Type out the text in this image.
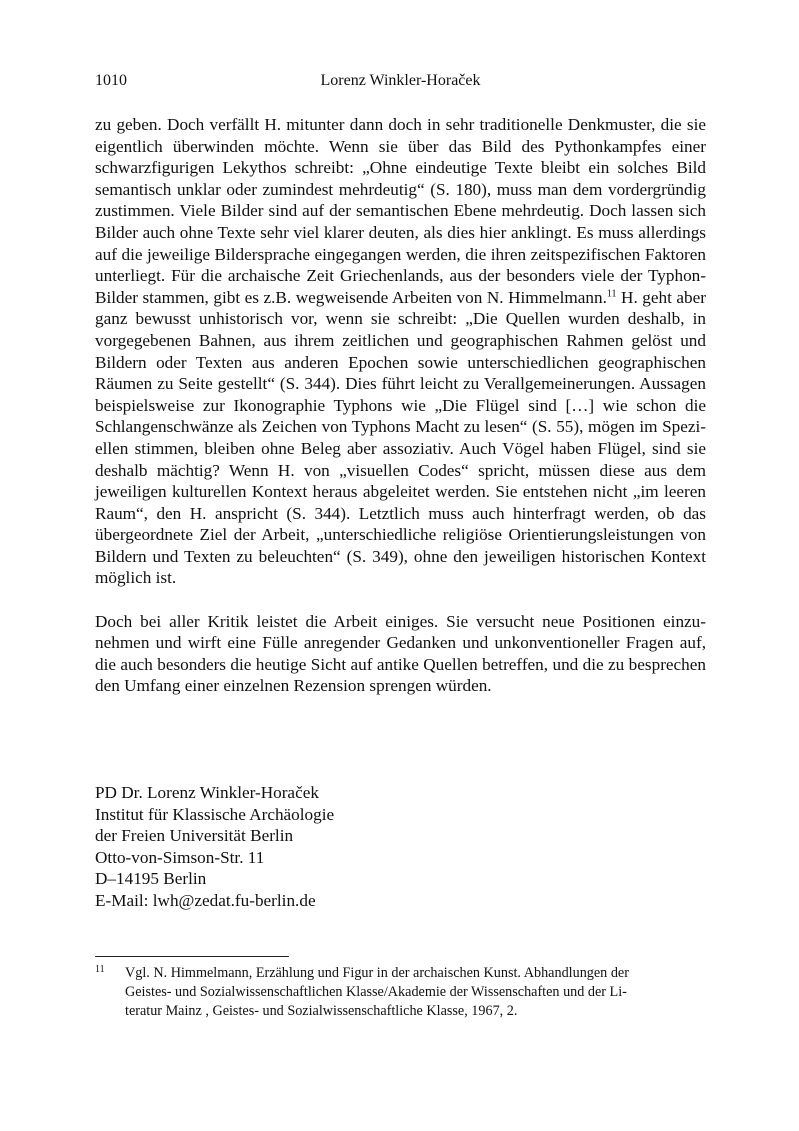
1010	Lorenz Winkler-Horaček

zu geben. Doch verfällt H. mitunter dann doch in sehr traditionelle Denkmuster, die sie eigentlich überwinden möchte. Wenn sie über das Bild des Pythonkampfes einer schwarzfigurigen Lekythos schreibt: „Ohne eindeutige Texte bleibt ein solches Bild semantisch unklar oder zumindest mehrdeutig“ (S. 180), muss man dem vordergründig zustimmen. Viele Bilder sind auf der semantischen Ebene mehrdeutig. Doch lassen sich Bilder auch ohne Texte sehr viel klarer deuten, als dies hier anklingt. Es muss allerdings auf die jeweilige Bildersprache eingegangen werden, die ihren zeitspezifischen Faktoren unterliegt. Für die archaische Zeit Griechenlands, aus der besonders viele der Typhon-Bilder stammen, gibt es z.B. wegweisende Arbeiten von N. Himmelmann.$^{11}$ H. geht aber ganz bewusst unhistorisch vor, wenn sie schreibt: „Die Quellen wurden deshalb, in vorgegebenen Bahnen, aus ihrem zeitlichen und geographischen Rahmen gelöst und Bildern oder Texten aus anderen Epochen sowie unterschiedlichen geographischen Räumen zu Seite gestellt“ (S. 344). Dies führt leicht zu Verallgemeinerungen. Aussagen beispielsweise zur Ikonographie Typhons wie „Die Flügel sind […] wie schon die Schlangenschwänze als Zeichen von Typhons Macht zu lesen“ (S. 55), mögen im Speziellen stimmen, bleiben ohne Beleg aber assoziativ. Auch Vögel haben Flügel, sind sie deshalb mächtig? Wenn H. von „visuellen Codes“ spricht, müssen diese aus dem jeweiligen kulturellen Kontext heraus abgeleitet werden. Sie entstehen nicht „im leeren Raum“, den H. anspricht (S. 344). Letztlich muss auch hinterfragt werden, ob das übergeordnete Ziel der Arbeit, „unterschiedliche religiöse Orientierungsleistungen von Bildern und Texten zu beleuchten“ (S. 349), ohne den jeweiligen historischen Kontext möglich ist.

Doch bei aller Kritik leistet die Arbeit einiges. Sie versucht neue Positionen einzunehmen und wirft eine Fülle anregender Gedanken und unkonventioneller Fragen auf, die auch besonders die heutige Sicht auf antike Quellen betreffen, und die zu besprechen den Umfang einer einzelnen Rezension sprengen würden.

PD Dr. Lorenz Winkler-Horaček
Institut für Klassische Archäologie
der Freien Universität Berlin
Otto-von-Simson-Str. 11
D–14195 Berlin
E-Mail: lwh@zedat.fu-berlin.de
11 Vgl. N. Himmelmann, Erzählung und Figur in der archaischen Kunst. Abhandlungen der
Geistes- und Sozialwissenschaftlichen Klasse/Akademie der Wissenschaften und der Li-
teratur Mainz , Geistes- und Sozialwissenschaftliche Klasse, 1967, 2.
